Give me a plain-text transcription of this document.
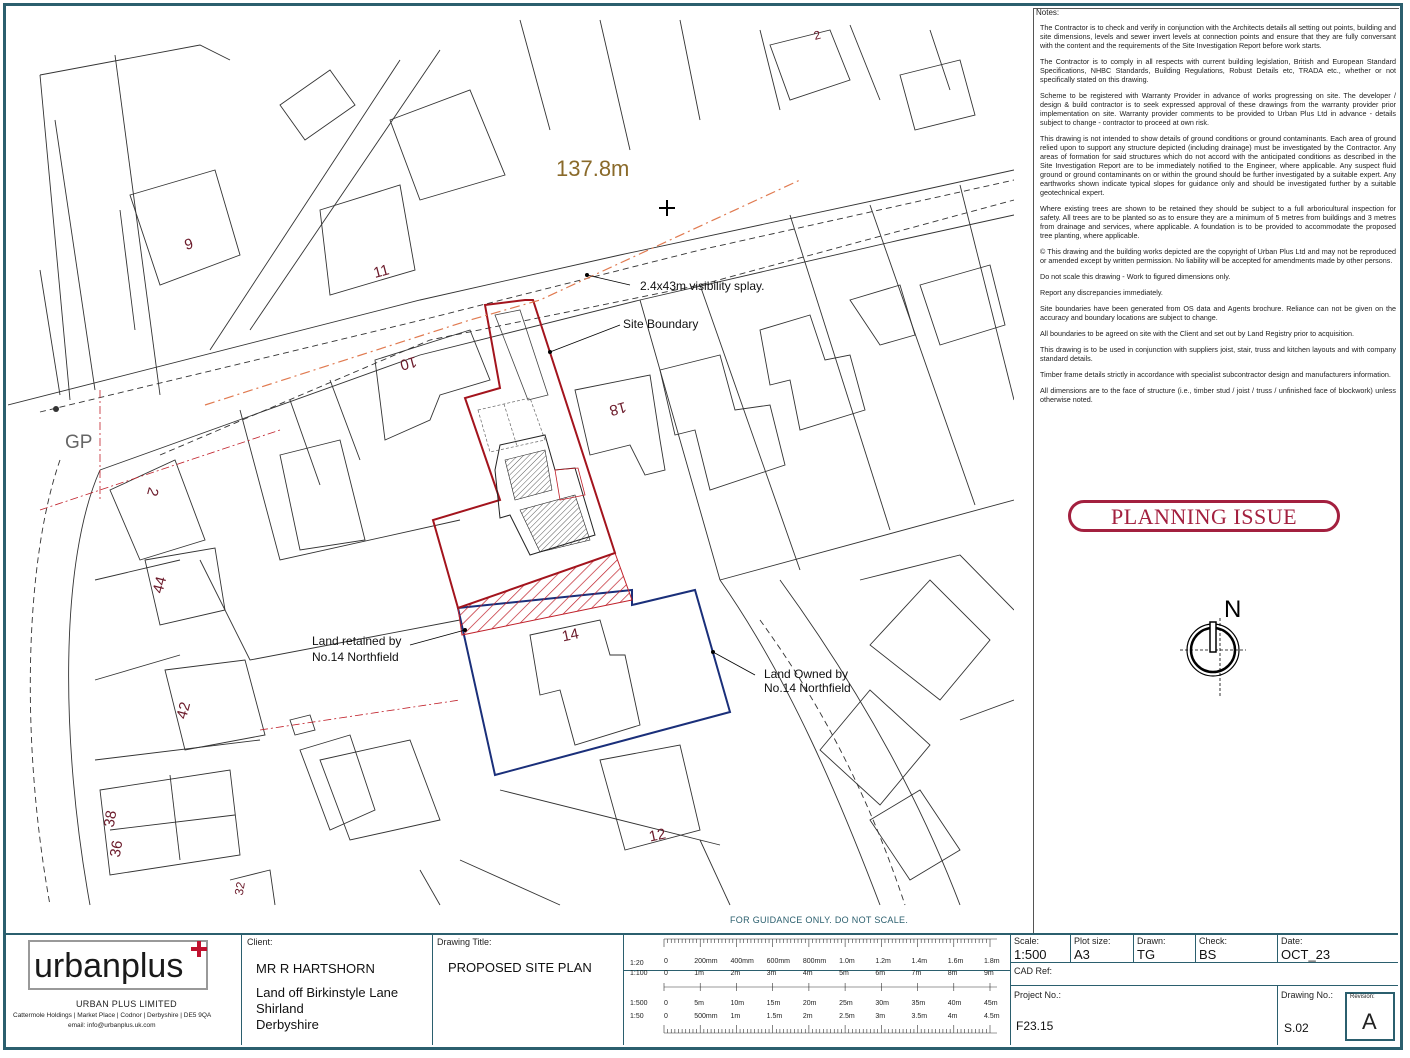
137.8m
2.4x43m visibility splay.
Site Boundary
GP
Land retained by
No.14 Northfield
Land Owned by
No.14 Northfield
9
11
10
18
2
44
42
14
12
38
36
32
2
Notes:
The Contractor is to check and verify in conjunction with the Architects details all setting out points, building and site dimensions, levels and sewer invert levels at connection points and ensure that they are fully conversant with the content and the requirements of the Site Investigation Report before work starts.
The Contractor is to comply in all respects with current building legislation, British and European Standard Specifications, NHBC Standards, Building Regulations, Robust Details etc, TRADA etc., whether or not specifically stated on this drawing.
Scheme to be registered with Warranty Provider in advance of works progressing on site. The developer / design & build contractor is to seek expressed approval of these drawings from the warranty provider prior implementation on site. Warranty provider comments to be provided to Urban Plus Ltd in advance - details subject to change - contractor to proceed at own risk.
This drawing is not intended to show details of ground conditions or ground contaminants. Each area of ground relied upon to support any structure depicted (including drainage) must be investigated by the Contractor. Any areas of formation for said structures which do not accord with the anticipated conditions as described in the Site Investigation Report are to be immediately notified to the Engineer, where applicable. Any suspect fluid ground or ground contaminants on or within the ground should be further investigated by a suitable expert. Any earthworks shown indicate typical slopes for guidance only and should be investigated further by a suitable geotechnical expert.
Where existing trees are shown to be retained they should be subject to a full arboricultural inspection for safety. All trees are to be planted so as to ensure they are a minimum of 5 metres from buildings and 3 metres from drainage and services, where applicable. A foundation is to be provided to accommodate the proposed tree planting, where applicable.
© This drawing and the building works depicted are the copyright of Urban Plus Ltd and may not be reproduced or amended except by written permission. No liability will be accepted for amendments made by other persons.
Do not scale this drawing - Work to figured dimensions only.
Report any discrepancies immediately.
Site boundaries have been generated from OS data and Agents brochure. Reliance can not be given on the accuracy and boundary locations are subject to change.
All boundaries to be agreed on site with the Client and set out by Land Registry prior to acquisition.
This drawing is to be used in conjunction with suppliers joist, stair, truss and kitchen layouts and with company standard details.
Timber frame details strictly in accordance with specialist subcontractor design and manufacturers information.
All dimensions are to the face of structure (i.e., timber stud / joist / truss / unfinished face of blockwork) unless otherwise noted.
PLANNING ISSUE
N
FOR GUIDANCE ONLY. DO NOT SCALE.
urbanplus
URBAN PLUS LIMITED
Cattermole Holdings | Market Place | Codnor | Derbyshire | DE5 9QA
email: info@urbanplus.uk.com
Client:
MR R HARTSHORN
Land off Birkinstyle Lane
Shirland
Derbyshire
Drawing Title:
PROPOSED SITE PLAN	1:20
1:100
1:500
1:50
0	200mm 400mm 600mm 800mm 1.0m	1.2m	1.4m	1.6m	1.8m
0	1m	2m	3m	4m	5m	6m	7m	8m	9m
0	5m	10m	15m	20m	25m	30m	35m	40m	45m
0	500mm 1m	1.5m	2m	2.5m	3m	3.5m	4m	4.5m
Scale:
1:500
Plot size:
A3
Drawn:
TG
Check:
BS
Date:
OCT_23
CAD Ref:
Project No.:
F23.15
Drawing No.:
S.02
Revision:
A
